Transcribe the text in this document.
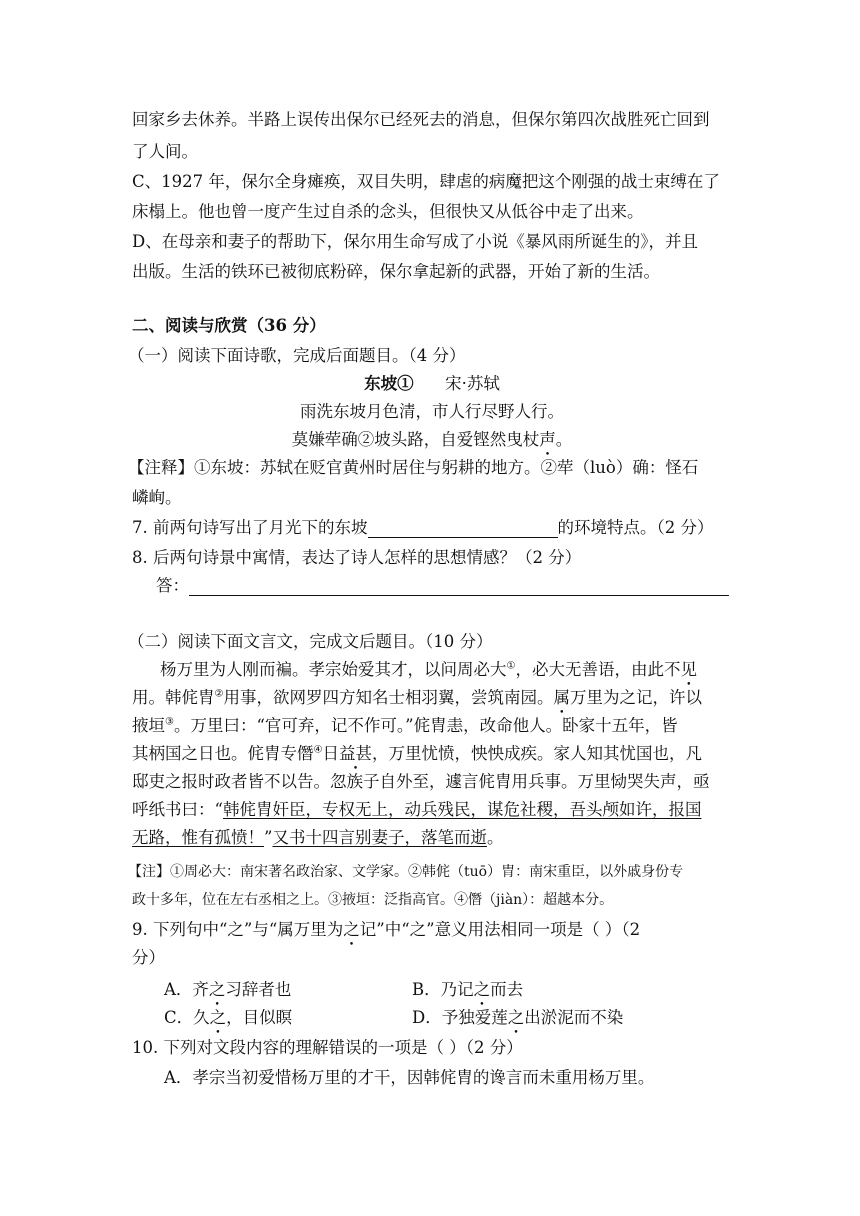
回家乡去休养。半路上误传出保尔已经死去的消息，但保尔第四次战胜死亡回到
了人间。
C、1927 年，保尔全身瘫痪，双目失明，肆虐的病魔把这个刚强的战士束缚在了
床榻上。他也曾一度产生过自杀的念头，但很快又从低谷中走了出来。
D、在母亲和妻子的帮助下，保尔用生命写成了小说《暴风雨所诞生的》，并且
出版。生活的铁环已被彻底粉碎，保尔拿起新的武器，开始了新的生活。
二、阅读与欣赏（36 分）
（一）阅读下面诗歌，完成后面题目。（4 分）
东坡① 宋·苏轼
雨洗东坡月色清，市人行尽野人行。
莫嫌荦确②坡头路，自爱铿然曳杖声。
【注释】①东坡：苏轼在贬官黄州时居住与躬耕的地方。②荦（luò）确：怪石
嶙峋。
7. 前两句诗写出了月光下的东坡	的环境特点。（2 分）
8. 后两句诗景中寓情，表达了诗人怎样的思想情感？（2 分）
答：
（二）阅读下面文言文，完成文后题目。（10 分）
杨万里为人刚而褊。孝宗始爱其才，以问周必大①，必大无善语，由此不见
用。韩侂胄②用事，欲网罗四方知名士相羽翼，尝筑南园。属万里为之记，许以
掖垣③。万里曰：“官可弃，记不作可。”侂胄恚，改命他人。卧家十五年，皆
其柄国之日也。侂胄专僭④日益甚，万里忧愤，怏怏成疾。家人知其忧国也，凡
邸吏之报时政者皆不以告。忽族子自外至，遽言侂胄用兵事。万里恸哭失声，亟
呼纸书曰：“韩侂胄奸臣，专权无上，动兵残民，谋危社稷，吾头颅如许，报国
无路，惟有孤愤！”又书十四言别妻子，落笔而逝。
【注】①周必大：南宋著名政治家、文学家。②韩侂（tuō）胄：南宋重臣，以外戚身份专
政十多年，位在左右丞相之上。③掖垣：泛指高官。④僭（jiàn）：超越本分。
9. 下列句中“之”与“属万里为之记”中“之”意义用法相同一项是（ ）（2
分）
A．齐之习辞者也	B．乃记之而去
C．久之，目似瞑	D．予独爱莲之出淤泥而不染
10. 下列对文段内容的理解错误的一项是（ ）（2 分）
A．孝宗当初爱惜杨万里的才干，因韩侂胄的谗言而未重用杨万里。
